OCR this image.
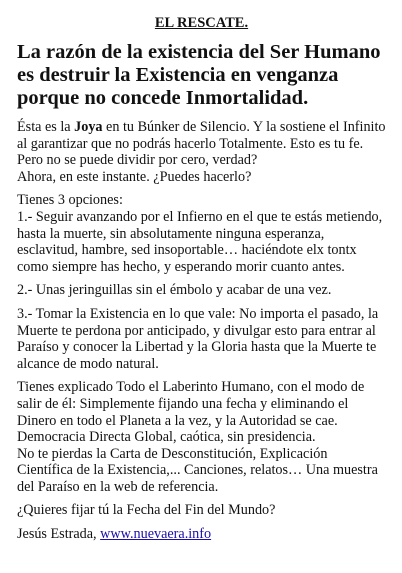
EL RESCATE.
La razón de la existencia del Ser Humano es destruir la Existencia en venganza porque no concede Inmortalidad.
Ésta es la Joya en tu Búnker de Silencio. Y la sostiene el Infinito al garantizar que no podrás hacerlo Totalmente. Esto es tu fe.
Pero no se puede dividir por cero, verdad?
Ahora, en este instante. ¿Puedes hacerlo?
Tienes 3 opciones:
1.- Seguir avanzando por el Infierno en el que te estás metiendo, hasta la muerte, sin absolutamente ninguna esperanza, esclavitud, hambre, sed insoportable… haciéndote elx tontx como siempre has hecho, y esperando morir cuanto antes.
2.- Unas jeringuillas sin el émbolo y acabar de una vez.
3.- Tomar la Existencia en lo que vale: No importa el pasado, la Muerte te perdona por anticipado, y divulgar esto para entrar al Paraíso y conocer la Libertad y la Gloria hasta que la Muerte te alcance de modo natural.
Tienes explicado Todo el Laberinto Humano, con el modo de salir de él: Simplemente fijando una fecha y eliminando el Dinero en todo el Planeta a la vez, y la Autoridad se cae. Democracia Directa Global, caótica, sin presidencia.
No te pierdas la Carta de Desconstitución, Explicación Científica de la Existencia,... Canciones, relatos… Una muestra del Paraíso en la web de referencia.
¿Quieres fijar tú la Fecha del Fin del Mundo?
Jesús Estrada, www.nuevaera.info
